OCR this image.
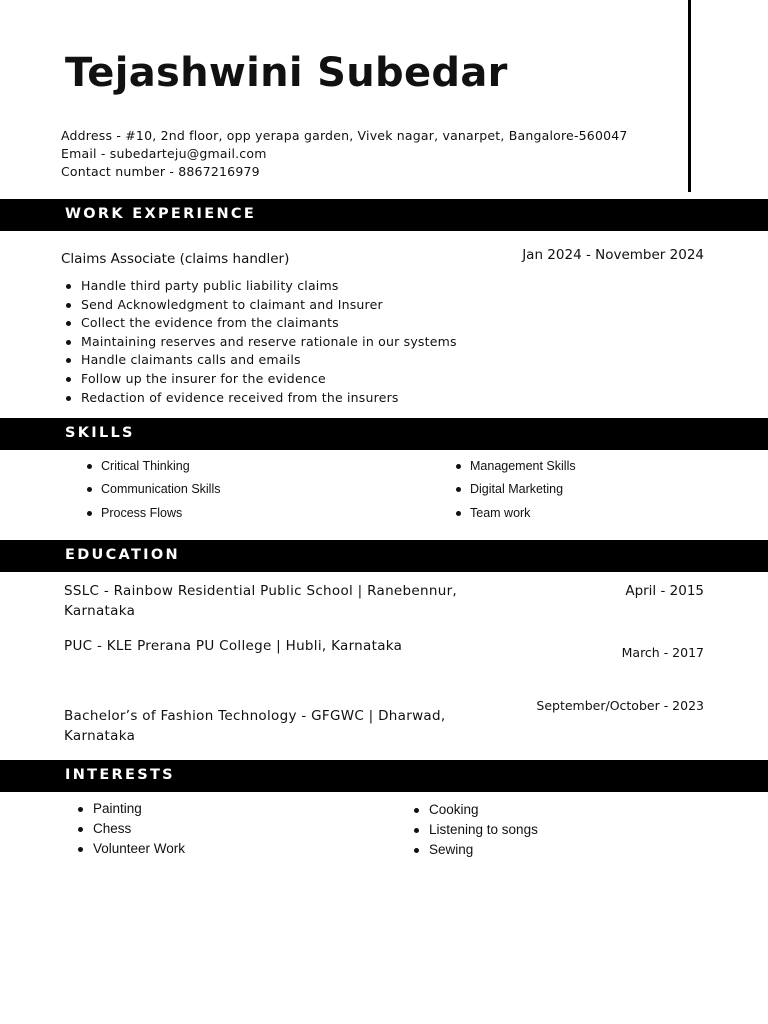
Tejashwini Subedar
Address - #10, 2nd floor, opp yerapa garden, Vivek nagar, vanarpet, Bangalore-560047
Email - subedarteju@gmail.com
Contact number - 8867216979
WORK EXPERIENCE
Claims Associate (claims handler)	Jan 2024 - November 2024
Handle third party public liability claims
Send Acknowledgment to claimant and Insurer
Collect the evidence from the claimants
Maintaining reserves and reserve rationale in our systems
Handle claimants calls and emails
Follow up the insurer for the evidence
Redaction of evidence received from the insurers
SKILLS
Critical Thinking
Communication Skills
Process Flows
Management Skills
Digital Marketing
Team work
EDUCATION
SSLC - Rainbow Residential Public School | Ranebennur, Karnataka
April - 2015
PUC - KLE Prerana PU College | Hubli, Karnataka	March - 2017
Bachelor’s of Fashion Technology - GFGWC | Dharwad, Karnataka
September/October - 2023
INTERESTS
Painting
Chess
Volunteer Work
Cooking
Listening to songs
Sewing
